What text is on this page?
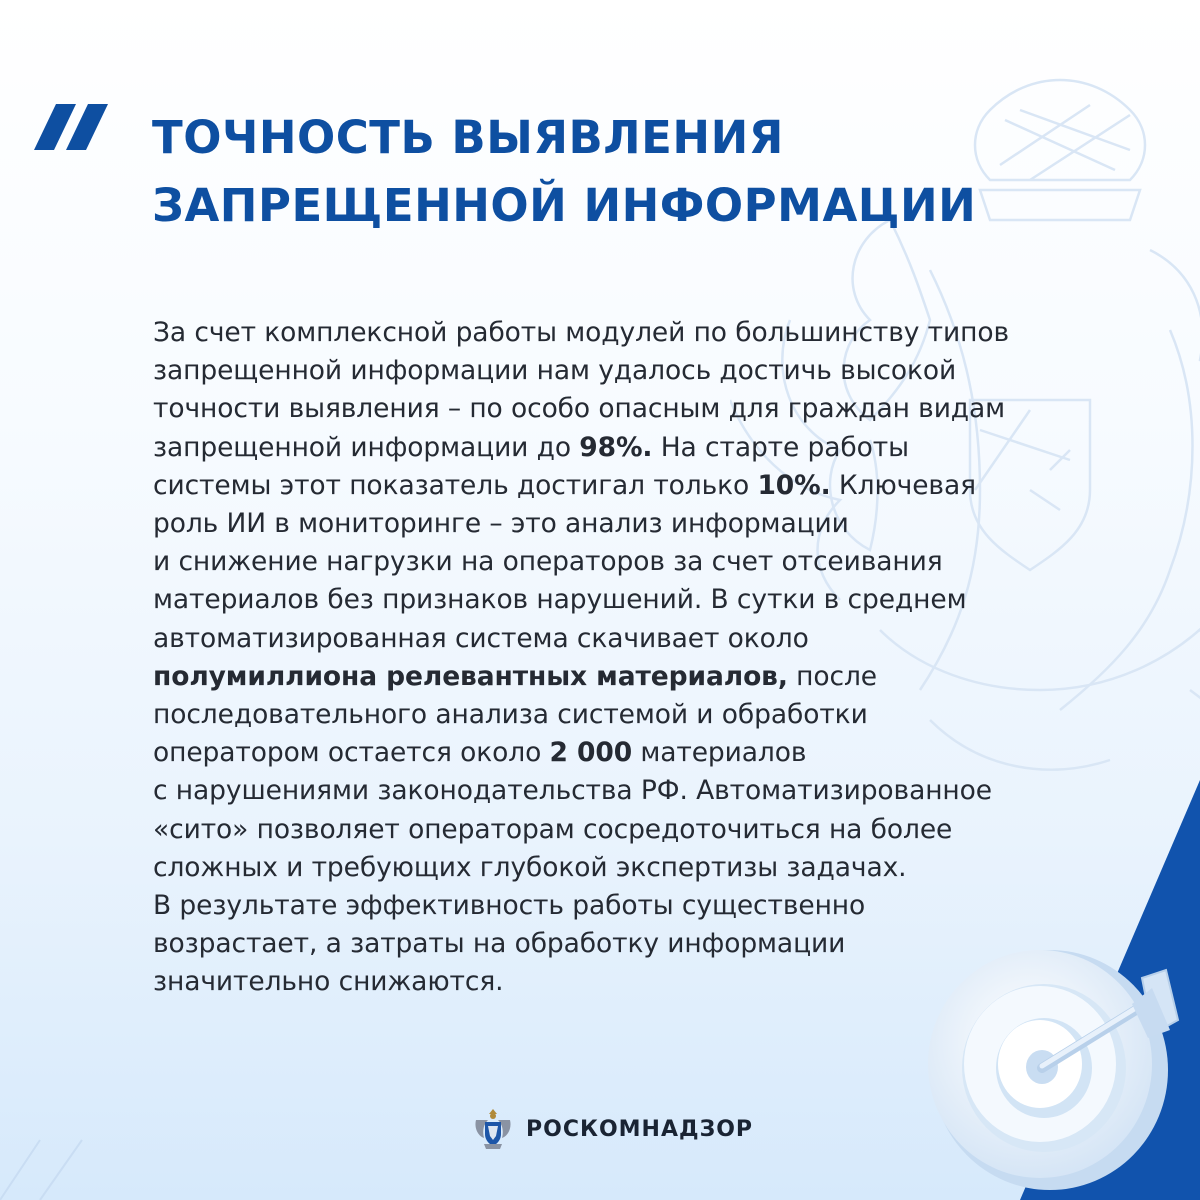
ТОЧНОСТЬ ВЫЯВЛЕНИЯ
ЗАПРЕЩЕННОЙ ИНФОРМАЦИИ
За счет комплексной работы модулей по большинству типов
запрещенной информации нам удалось достичь высокой
точности выявления – по особо опасным для граждан видам
запрещенной информации до 98%. На старте работы
системы этот показатель достигал только 10%. Ключевая
роль ИИ в мониторинге – это анализ информации
и снижение нагрузки на операторов за счет отсеивания
материалов без признаков нарушений. В сутки в среднем
автоматизированная система скачивает около
полумиллиона релевантных материалов, после
последовательного анализа системой и обработки
оператором остается около 2 000 материалов
с нарушениями законодательства РФ. Автоматизированное
«сито» позволяет операторам сосредоточиться на более
сложных и требующих глубокой экспертизы задачах.
В результате эффективность работы существенно
возрастает, а затраты на обработку информации
значительно снижаются.
РОСКОМНАДЗОР
